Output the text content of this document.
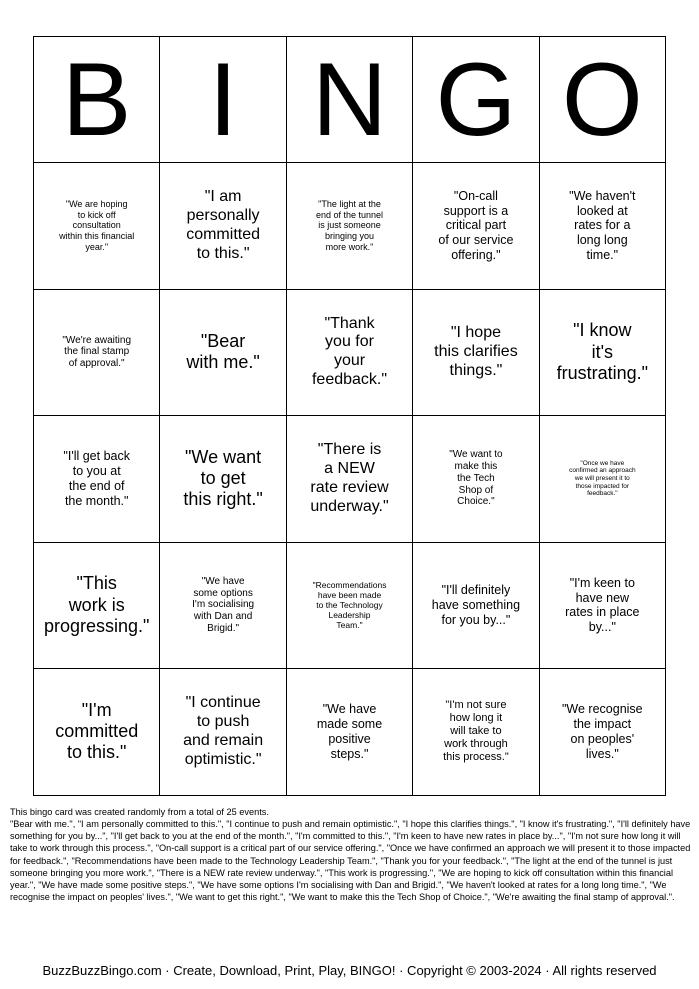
B I N G O
"We are hoping
to kick off
consultation
within this financial
year."
"I am
personally
committed
to this."
"The light at the
end of the tunnel
is just someone
bringing you
more work."
"On-call
support is a
critical part
of our service
offering."
"We haven't
looked at
rates for a
long long
time."
"We're awaiting
the final stamp
of approval."
"Bear
with me."
"Thank
you for
your
feedback."
"I hope
this clarifies
things."
"I know
it's
frustrating."
"I'll get back
to you at
the end of
the month."
"We want
to get
this right."
"There is
a NEW
rate review
underway."
"We want to
make this
the Tech
Shop of
Choice."
"Once we have
confirmed an approach
we will present it to
those impacted for
feedback."
"This
work is
progressing."
"We have
some options
I'm socialising
with Dan and
Brigid."
"Recommendations
have been made
to the Technology
Leadership
Team."
"I'll definitely
have something
for you by..."
"I'm keen to
have new
rates in place
by..."
"I'm
committed
to this."
"I continue
to push
and remain
optimistic."
"We have
made some
positive
steps."
"I'm not sure
how long it
will take to
work through
this process."
"We recognise
the impact
on peoples'
lives."

This bingo card was created randomly from a total of 25 events.

"Bear with me.", "I am personally committed to this.", "I continue to push and remain optimistic.", "I hope this clarifies things.", "I know it's frustrating.", "I'll definitely have something for you by...", "I'll get back to you at the end of the month.", "I'm committed to this.", "I'm keen to have new rates in place by...", "I'm not sure how long it will take to work through this process.", "On-call support is a critical part of our service offering.", "Once we have confirmed an approach we will present it to those impacted for feedback.", "Recommendations have been made to the Technology Leadership Team.", "Thank you for your feedback.", "The light at the end of the tunnel is just someone bringing you more work.", "There is a NEW rate review underway.", "This work is progressing.", "We are hoping to kick off consultation within this financial year.", "We have made some positive steps.", "We have some options I'm socialising with Dan and Brigid.", "We haven't looked at rates for a long long time.", "We recognise the impact on peoples' lives.", "We want to get this right.", "We want to make this the Tech Shop of Choice.", "We're awaiting the final stamp of approval.".

BuzzBuzzBingo.com · Create, Download, Print, Play, BINGO! · Copyright © 2003-2024 · All rights reserved
